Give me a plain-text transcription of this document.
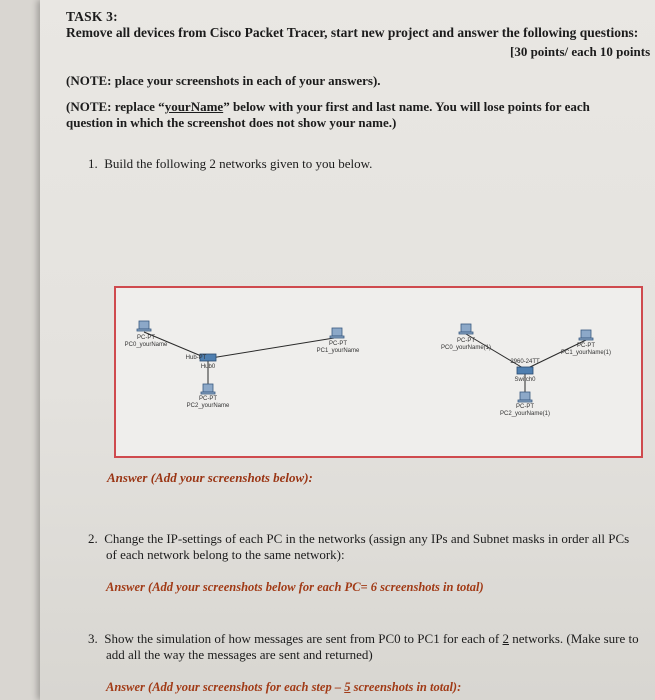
TASK 3:
Remove all devices from Cisco Packet Tracer, start new project and answer the following questions:
[30 points/ each 10 points
(NOTE: place your screenshots in each of your answers).
(NOTE: replace “yourName” below with your first and last name. You will lose points for each
question in which the screenshot does not show your name.)
1. Build the following 2 networks given to you below.
PC-PT
PC0_yourName	PC-PT
PC1_yourName
Hub-PT
Hub0
PC-PT
PC2_yourName
PC-PT
PC0_yourName(1)	PC-PT
PC1_yourName(1)
2960-24TT
Switch0
PC-PT
PC2_yourName(1)
Answer (Add your screenshots below):
2. Change the IP-settings of each PC in the networks (assign any IPs and Subnet masks in order all PCs
of each network belong to the same network):
Answer (Add your screenshots below for each PC= 6 screenshots in total)
3. Show the simulation of how messages are sent from PC0 to PC1 for each of 2 networks. (Make sure to
add all the way the messages are sent and returned)
Answer (Add your screenshots for each step – 5 screenshots in total):
